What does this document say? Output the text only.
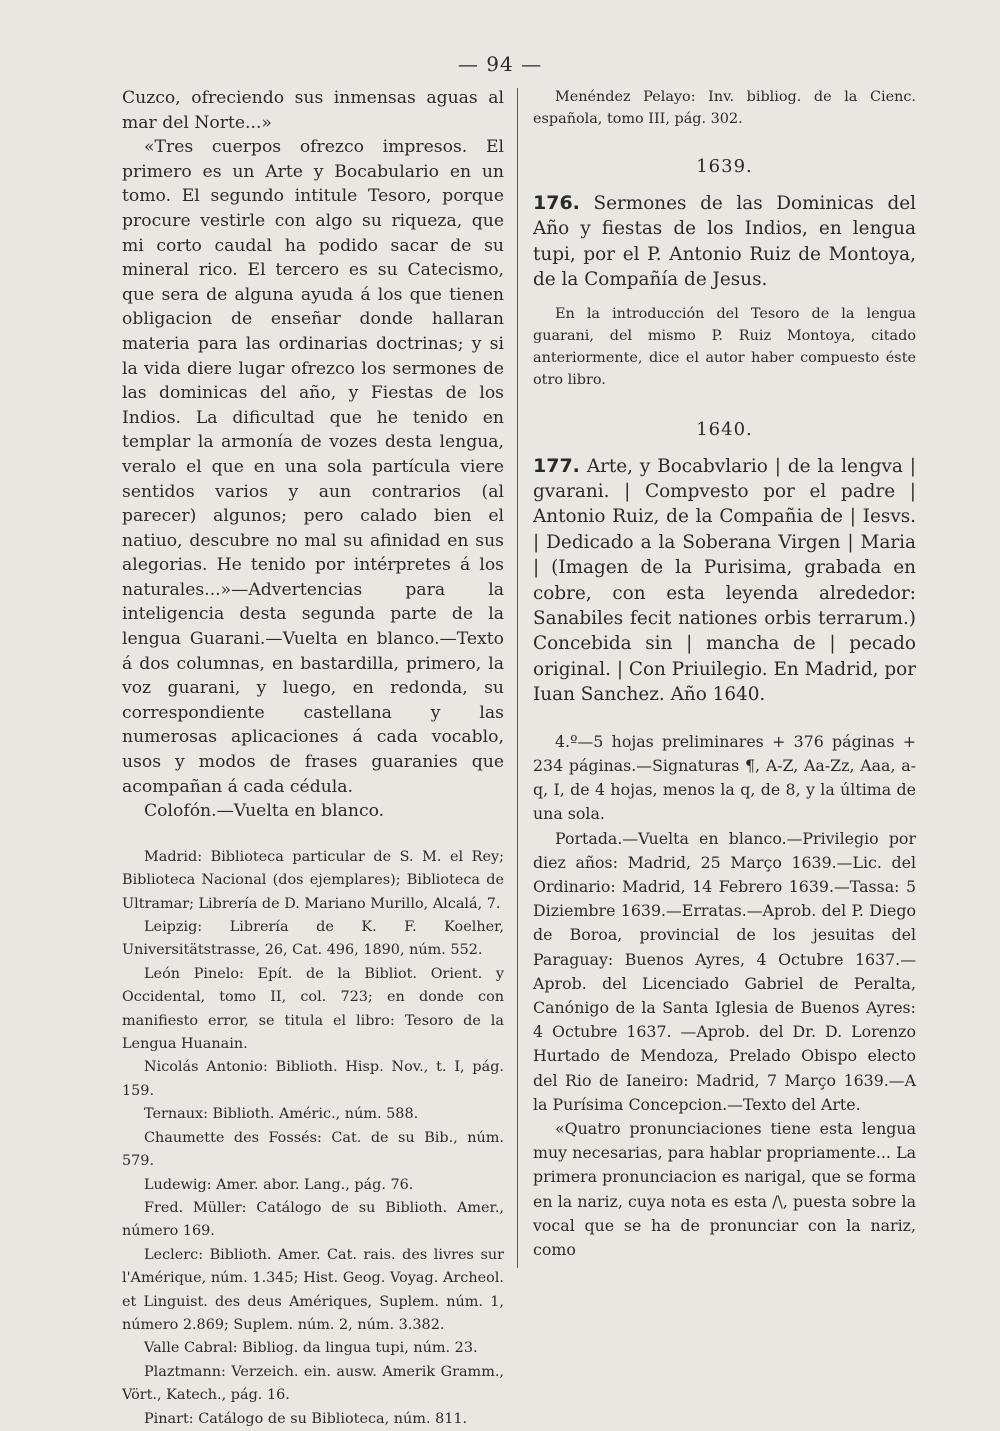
— 94 —

Cuzco, ofreciendo sus inmensas aguas al mar del Norte...»

«Tres cuerpos ofrezco impresos. El primero es un Arte y Bocabulario en un tomo. El segundo intitule Tesoro, porque procure vestirle con algo su riqueza, que mi corto caudal ha podido sacar de su mineral rico. El tercero es su Catecismo, que sera de alguna ayuda á los que tienen obligacion de enseñar donde hallaran materia para las ordinarias doctrinas; y si la vida diere lugar ofrezco los sermones de las dominicas del año, y Fiestas de los Indios. La dificultad que he tenido en templar la armonía de vozes desta lengua, veralo el que en una sola partícula viere sentidos varios y aun contrarios (al parecer) algunos; pero calado bien el natiuo, descubre no mal su afinidad en sus alegorias. He tenido por intérpretes á los naturales...»—Advertencias para la inteligencia desta segunda parte de la lengua Guarani.—Vuelta en blanco.—Texto á dos columnas, en bastardilla, primero, la voz guarani, y luego, en redonda, su correspondiente castellana y las numerosas aplicaciones á cada vocablo, usos y modos de frases guaranies que acompañan á cada cédula.

Colofón.—Vuelta en blanco.

Madrid: Biblioteca particular de S. M. el Rey; Biblioteca Nacional (dos ejemplares); Biblioteca de Ultramar; Librería de D. Mariano Murillo, Alcalá, 7.

Leipzig: Librería de K. F. Koelher, Universitätstrasse, 26, Cat. 496, 1890, núm. 552.

León Pinelo: Epít. de la Bibliot. Orient. y Occidental, tomo II, col. 723; en donde con manifiesto error, se titula el libro: Tesoro de la Lengua Huanain.

Nicolás Antonio: Biblioth. Hisp. Nov., t. I, pág. 159.

Ternaux: Biblioth. Améric., núm. 588.

Chaumette des Fossés: Cat. de su Bib., núm. 579.

Ludewig: Amer. abor. Lang., pág. 76.

Fred. Müller: Catálogo de su Biblioth. Amer., número 169.

Leclerc: Biblioth. Amer. Cat. rais. des livres sur l'Amérique, núm. 1.345; Hist. Geog. Voyag. Archeol. et Linguist. des deus Amériques, Suplem. núm. 1, número 2.869; Suplem. núm. 2, núm. 3.382.

Valle Cabral: Bibliog. da lingua tupi, núm. 23.

Plaztmann: Verzeich. ein. ausw. Amerik Gramm., Vört., Katech., pág. 16.

Pinart: Catálogo de su Biblioteca, núm. 811.

Menéndez Pelayo: Inv. bibliog. de la Cienc. española, tomo III, pág. 302.

1639.

176. Sermones de las Dominicas del Año y fiestas de los Indios, en lengua tupi, por el P. Antonio Ruiz de Montoya, de la Compañía de Jesus.

En la introducción del Tesoro de la lengua guarani, del mismo P. Ruiz Montoya, citado anteriormente, dice el autor haber compuesto éste otro libro.

1640.

177. Arte, y Bocabvlario | de la lengva | gvarani. | Compvesto por el padre | Antonio Ruiz, de la Compañia de | Iesvs. | Dedicado a la Soberana Virgen | Maria | (Imagen de la Purisima, grabada en cobre, con esta leyenda alrededor: Sanabiles fecit nationes orbis terrarum.) Concebida sin | mancha de | pecado original. | Con Priuilegio. En Madrid, por Iuan Sanchez. Año 1640.

4.º—5 hojas preliminares + 376 páginas + 234 páginas.—Signaturas ¶, A-Z, Aa-Zz, Aaa, a-q, I, de 4 hojas, menos la q, de 8, y la última de una sola.

Portada.—Vuelta en blanco.—Privilegio por diez años: Madrid, 25 Março 1639.—Lic. del Ordinario: Madrid, 14 Febrero 1639.—Tassa: 5 Diziembre 1639.—Erratas.—Aprob. del P. Diego de Boroa, provincial de los jesuitas del Paraguay: Buenos Ayres, 4 Octubre 1637.—Aprob. del Licenciado Gabriel de Peralta, Canónigo de la Santa Iglesia de Buenos Ayres: 4 Octubre 1637. —Aprob. del Dr. D. Lorenzo Hurtado de Mendoza, Prelado Obispo electo del Rio de Ianeiro: Madrid, 7 Março 1639.—A la Purísima Concepcion.—Texto del Arte.

«Quatro pronunciaciones tiene esta lengua muy necesarias, para hablar propriamente... La primera pronunciacion es narigal, que se forma en la nariz, cuya nota es esta /\, puesta sobre la vocal que se ha de pronunciar con la nariz, como
